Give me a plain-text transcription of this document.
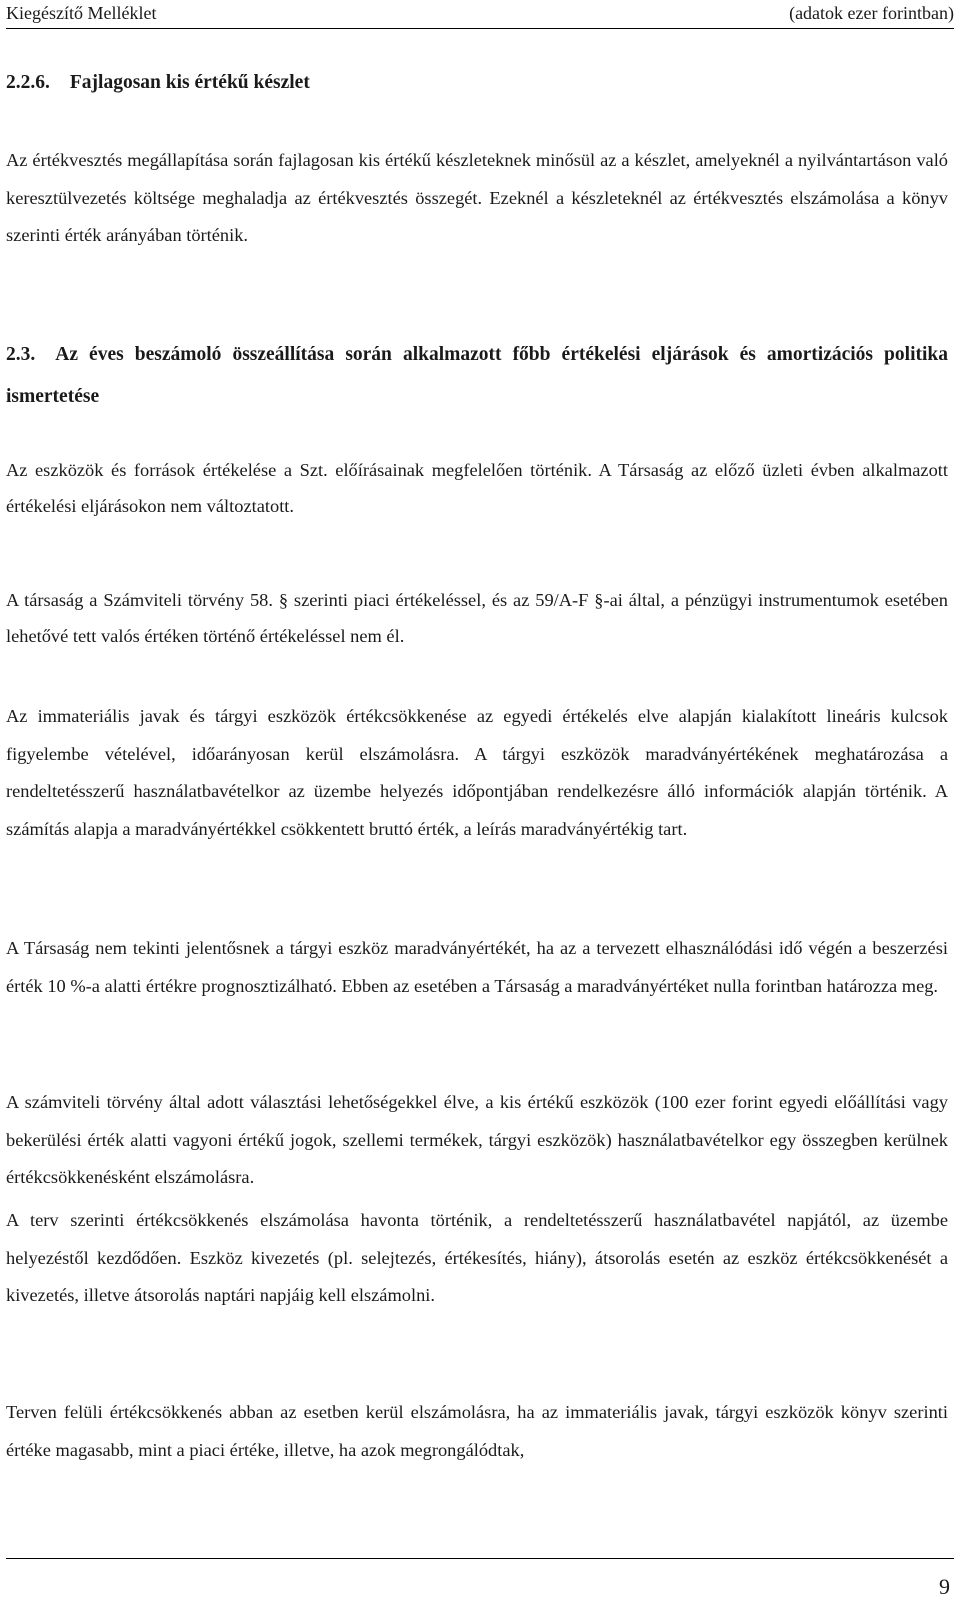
Kiegészítő Melléklet	(adatok ezer forintban)
2.2.6. Fajlagosan kis értékű készlet
Az értékvesztés megállapítása során fajlagosan kis értékű készleteknek minősül az a készlet, amelyeknél a nyilvántartáson való keresztülvezetés költsége meghaladja az értékvesztés összegét. Ezeknél a készleteknél az értékvesztés elszámolása a könyv szerinti érték arányában történik.
2.3. Az éves beszámoló összeállítása során alkalmazott főbb értékelési eljárások és amortizációs politika ismertetése
Az eszközök és források értékelése a Szt. előírásainak megfelelően történik. A Társaság az előző üzleti évben alkalmazott értékelési eljárásokon nem változtatott.
A társaság a Számviteli törvény 58. § szerinti piaci értékeléssel, és az 59/A-F §-ai által, a pénzügyi instrumentumok esetében lehetővé tett valós értéken történő értékeléssel nem él.
Az immateriális javak és tárgyi eszközök értékcsökkenése az egyedi értékelés elve alapján kialakított lineáris kulcsok figyelembe vételével, időarányosan kerül elszámolásra. A tárgyi eszközök maradványértékének meghatározása a rendeltetésszerű használatbavételkor az üzembe helyezés időpontjában rendelkezésre álló információk alapján történik. A számítás alapja a maradványértékkel csökkentett bruttó érték, a leírás maradványértékig tart.
A Társaság nem tekinti jelentősnek a tárgyi eszköz maradványértékét, ha az a tervezett elhasználódási idő végén a beszerzési érték 10 %-a alatti értékre prognosztizálható. Ebben az esetében a Társaság a maradványértéket nulla forintban határozza meg.
A számviteli törvény által adott választási lehetőségekkel élve, a kis értékű eszközök (100 ezer forint egyedi előállítási vagy bekerülési érték alatti vagyoni értékű jogok, szellemi termékek, tárgyi eszközök) használatbavételkor egy összegben kerülnek értékcsökkenésként elszámolásra.
A terv szerinti értékcsökkenés elszámolása havonta történik, a rendeltetésszerű használatbavétel napjától, az üzembe helyezéstől kezdődően. Eszköz kivezetés (pl. selejtezés, értékesítés, hiány), átsorolás esetén az eszköz értékcsökkenését a kivezetés, illetve átsorolás naptári napjáig kell elszámolni.
Terven felüli értékcsökkenés abban az esetben kerül elszámolásra, ha az immateriális javak, tárgyi eszközök könyv szerinti értéke magasabb, mint a piaci értéke, illetve, ha azok megrongálódtak,
9
